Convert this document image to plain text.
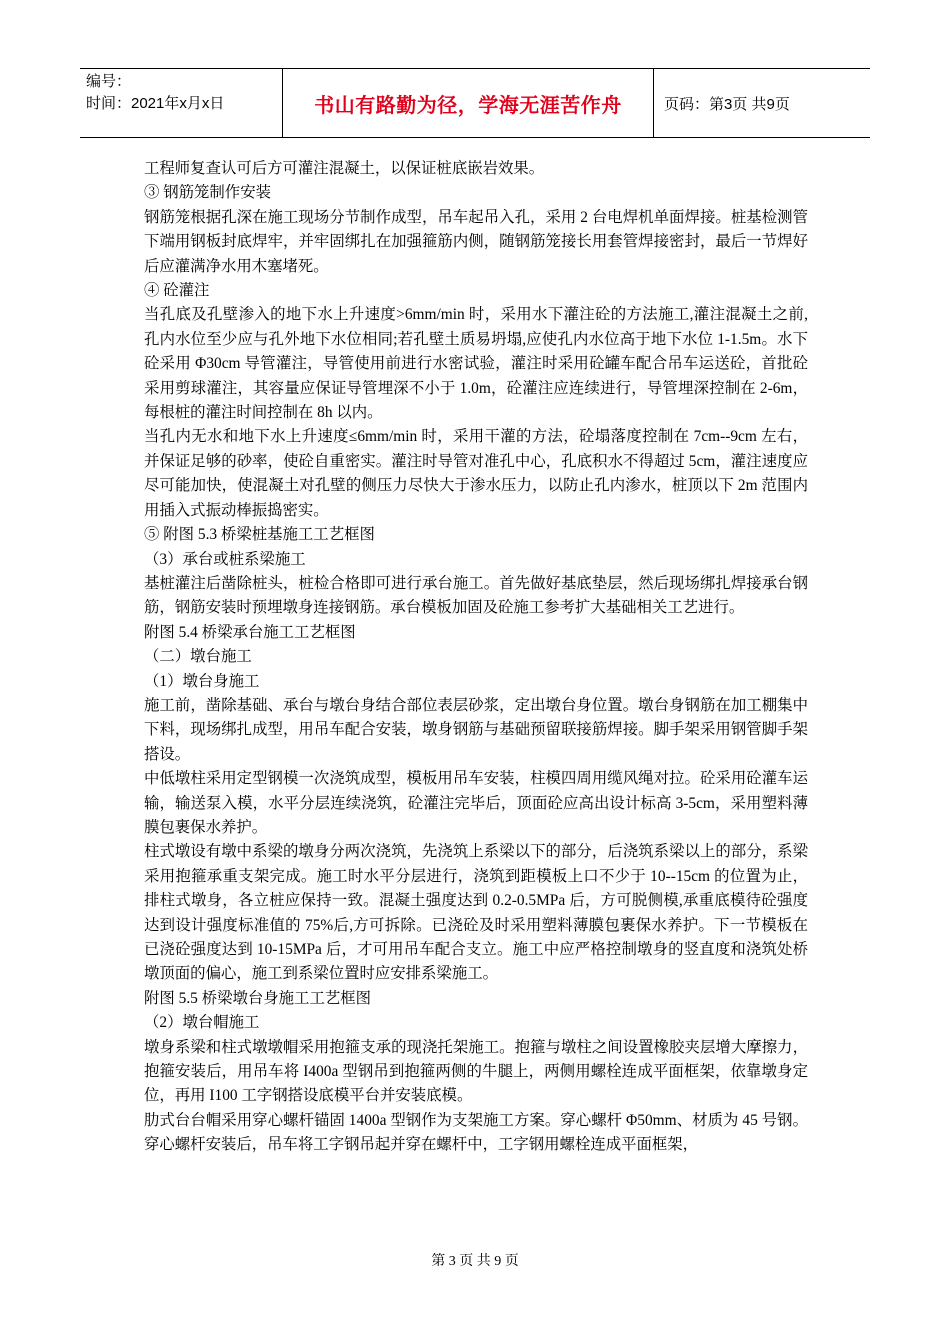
编号：
时间：2021年x月x日	书山有路勤为径，学海无涯苦作舟	页码：第3页 共9页

工程师复查认可后方可灌注混凝土，以保证桩底嵌岩效果。

③ 钢筋笼制作安装

钢筋笼根据孔深在施工现场分节制作成型，吊车起吊入孔，采用 2 台电焊机单面焊接。桩基检测管下端用钢板封底焊牢，并牢固绑扎在加强箍筋内侧，随钢筋笼接长用套管焊接密封，最后一节焊好后应灌满净水用木塞堵死。

④ 砼灌注

当孔底及孔壁渗入的地下水上升速度>6mm/min 时，采用水下灌注砼的方法施工,灌注混凝土之前,孔内水位至少应与孔外地下水位相同;若孔壁土质易坍塌,应使孔内水位高于地下水位 1-1.5m。水下砼采用 Φ30cm 导管灌注，导管使用前进行水密试验，灌注时采用砼罐车配合吊车运送砼，首批砼采用剪球灌注，其容量应保证导管埋深不小于 1.0m，砼灌注应连续进行，导管埋深控制在 2-6m，每根桩的灌注时间控制在 8h 以内。

当孔内无水和地下水上升速度≤6mm/min 时，采用干灌的方法，砼塌落度控制在 7cm--9cm 左右，并保证足够的砂率，使砼自重密实。灌注时导管对准孔中心，孔底积水不得超过 5cm，灌注速度应尽可能加快，使混凝土对孔壁的侧压力尽快大于渗水压力，以防止孔内渗水，桩顶以下 2m 范围内用插入式振动棒振捣密实。

⑤ 附图 5.3 桥梁桩基施工工艺框图

（3）承台或桩系梁施工

基桩灌注后凿除桩头，桩检合格即可进行承台施工。首先做好基底垫层，然后现场绑扎焊接承台钢筋，钢筋安装时预埋墩身连接钢筋。承台模板加固及砼施工参考扩大基础相关工艺进行。

附图 5.4 桥梁承台施工工艺框图

（二）墩台施工

（1）墩台身施工

施工前，凿除基础、承台与墩台身结合部位表层砂浆，定出墩台身位置。墩台身钢筋在加工棚集中下料，现场绑扎成型，用吊车配合安装，墩身钢筋与基础预留联接筋焊接。脚手架采用钢管脚手架搭设。

中低墩柱采用定型钢模一次浇筑成型，模板用吊车安装，柱模四周用缆风绳对拉。砼采用砼灌车运输，输送泵入模，水平分层连续浇筑，砼灌注完毕后，顶面砼应高出设计标高 3-5cm，采用塑料薄膜包裹保水养护。

柱式墩设有墩中系梁的墩身分两次浇筑，先浇筑上系梁以下的部分，后浇筑系梁以上的部分，系梁采用抱箍承重支架完成。施工时水平分层进行，浇筑到距模板上口不少于 10--15cm 的位置为止，排柱式墩身，各立桩应保持一致。混凝土强度达到 0.2-0.5MPa 后，方可脱侧模,承重底模待砼强度达到设计强度标准值的 75%后,方可拆除。已浇砼及时采用塑料薄膜包裹保水养护。下一节模板在已浇砼强度达到 10-15MPa 后，才可用吊车配合支立。施工中应严格控制墩身的竖直度和浇筑处桥墩顶面的偏心，施工到系梁位置时应安排系梁施工。

附图 5.5 桥梁墩台身施工工艺框图

（2）墩台帽施工

墩身系梁和柱式墩墩帽采用抱箍支承的现浇托架施工。抱箍与墩柱之间设置橡胶夹层增大摩擦力，抱箍安装后，用吊车将 I400a 型钢吊到抱箍两侧的牛腿上，两侧用螺栓连成平面框架，依靠墩身定位，再用 I100 工字钢搭设底模平台并安装底模。

肋式台台帽采用穿心螺杆锚固 1400a 型钢作为支架施工方案。穿心螺杆 Φ50mm、材质为 45 号钢。穿心螺杆安装后，吊车将工字钢吊起并穿在螺杆中，工字钢用螺栓连成平面框架，

第 3 页 共 9 页
